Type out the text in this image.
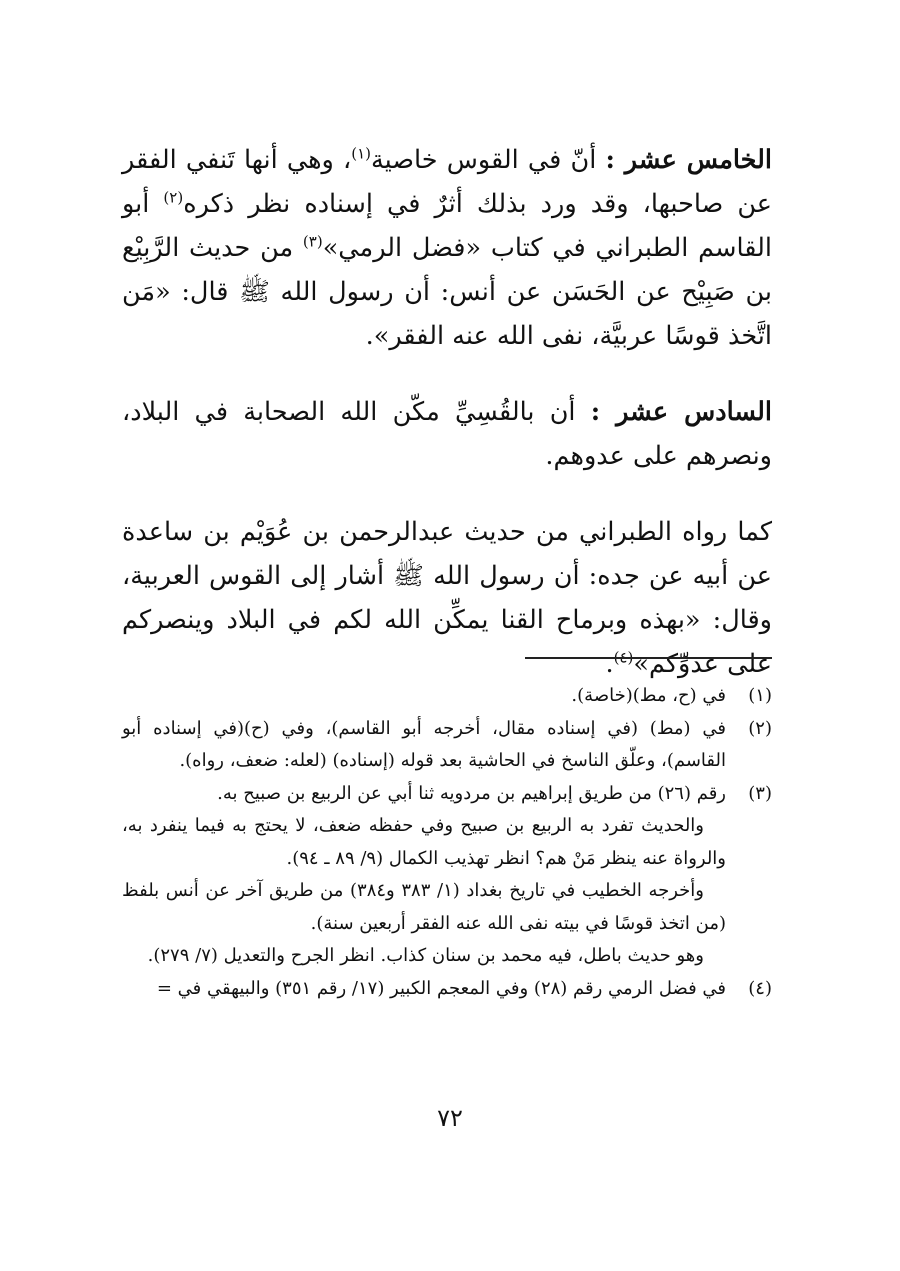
الخامس عشر : أنّ في القوس خاصية$^{(١)}$، وهي أنها تَنفي الفقر عن صاحبها، وقد ورد بذلك أثرٌ في إسناده نظر ذكره$^{(٢)}$ أبو القاسم الطبراني في كتاب «فضل الرمي»$^{(٣)}$ من حديث الرَّبِيْع بن صَبِيْح عن الحَسَن عن أنس: أن رسول الله ﷺ قال: «مَن اتَّخذ قوسًا عربيَّة، نفى الله عنه الفقر».

السادس عشر : أن بالقُسِيِّ مكّن الله الصحابة في البلاد، ونصرهم على عدوهم.

كما رواه الطبراني من حديث عبدالرحمن بن عُوَيْم بن ساعدة عن أبيه عن جده: أن رسول الله ﷺ أشار إلى القوس العربية، وقال: «بهذه وبرماح القنا يمكِّن الله لكم في البلاد وينصركم على عدوِّكم»$^{(٤)}$.

(١)
في (ح، مط)(خاصة).
(٢)
في (مط) (في إسناده مقال، أخرجه أبو القاسم)، وفي (ح)(في إسناده أبو القاسم)، وعلّق الناسخ في الحاشية بعد قوله (إسناده) (لعله: ضعف، رواه).
(٣)
رقم (٢٦) من طريق إبراهيم بن مردويه ثنا أبي عن الربيع بن صبيح به.
والحديث تفرد به الربيع بن صبيح وفي حفظه ضعف، لا يحتج به فيما ينفرد به، والرواة عنه ينظر مَنْ هم؟ انظر تهذيب الكمال (٩/ ٨٩ ـ ٩٤).
وأخرجه الخطيب في تاريخ بغداد (١/ ٣٨٣ و٣٨٤) من طريق آخر عن أنس بلفظ (من اتخذ قوسًا في بيته نفى الله عنه الفقر أربعين سنة).
وهو حديث باطل، فيه محمد بن سنان كذاب. انظر الجرح والتعديل (٧/ ٢٧٩).
(٤)
في فضل الرمي رقم (٢٨) وفي المعجم الكبير (١٧/ رقم ٣٥١) والبيهقي في =
٧٢
